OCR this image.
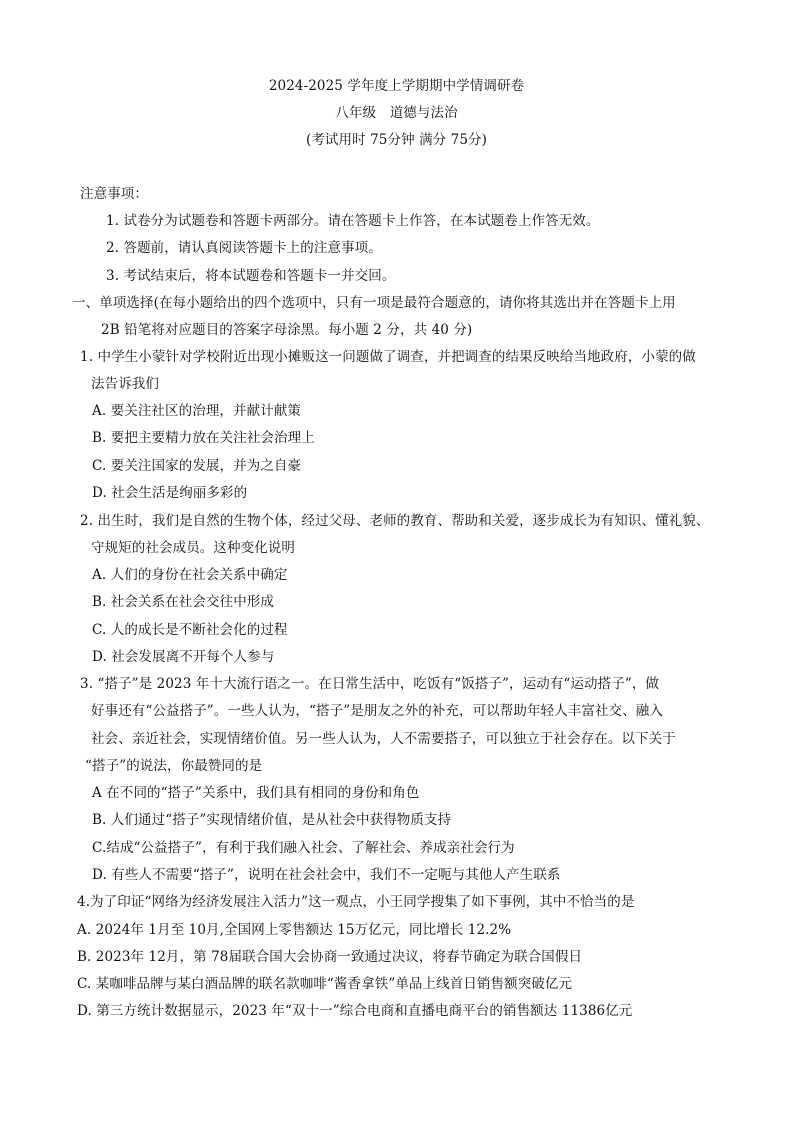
2024-2025 学年度上学期期中学情调研卷
八年级　道德与法治
(考试用时 75分钟 满分 75分)
注意事项：
1. 试卷分为试题卷和答题卡两部分。请在答题卡上作答，在本试题卷上作答无效。
2. 答题前，请认真阅读答题卡上的注意事项。
3. 考试结束后，将本试题卷和答题卡一并交回。
一、单项选择(在每小题给出的四个选项中，只有一项是最符合题意的，请你将其选出并在答题卡上用
2B 铅笔将对应题目的答案字母涂黑。每小题 2 分，共 40 分)
1. 中学生小蒙针对学校附近出现小摊贩这一问题做了调查，并把调查的结果反映给当地政府，小蒙的做
法告诉我们
A. 要关注社区的治理，并献计献策
B. 要把主要精力放在关注社会治理上
C. 要关注国家的发展，并为之自豪
D. 社会生活是绚丽多彩的
2. 出生时，我们是自然的生物个体，经过父母、老师的教育、帮助和关爱，逐步成长为有知识、懂礼貌、
守规矩的社会成员。这种变化说明
A. 人们的身份在社会关系中确定
B. 社会关系在社会交往中形成
C. 人的成长是不断社会化的过程
D. 社会发展离不开每个人参与
3. “搭子”是 2023 年十大流行语之一。在日常生活中，吃饭有“饭搭子”，运动有“运动搭子”，做
好事还有“公益搭子”。一些人认为，“搭子”是朋友之外的补充，可以帮助年轻人丰富社交、融入
社会、亲近社会，实现情绪价值。另一些人认为，人不需要搭子，可以独立于社会存在。以下关于
“搭子”的说法，你最赞同的是
A 在不同的“搭子”关系中，我们具有相同的身份和角色
B. 人们通过“搭子”实现情绪价值，是从社会中获得物质支持
C.结成“公益搭子”，有利于我们融入社会、了解社会、养成亲社会行为
D. 有些人不需要“搭子”，说明在社会社会中，我们不一定呃与其他人产生联系
4.为了印证“网络为经济发展注入活力”这一观点，小王同学搜集了如下事例，其中不恰当的是
A. 2024年 1月至 10月,全国网上零售额达 15万亿元，同比增长 12.2%
B. 2023年 12月，第 78届联合国大会协商一致通过决议，将春节确定为联合国假日
C. 某咖啡品牌与某白酒品牌的联名款咖啡“酱香拿铁”单品上线首日销售额突破亿元
D. 第三方统计数据显示，2023 年“双十一”综合电商和直播电商平台的销售额达 11386亿元
